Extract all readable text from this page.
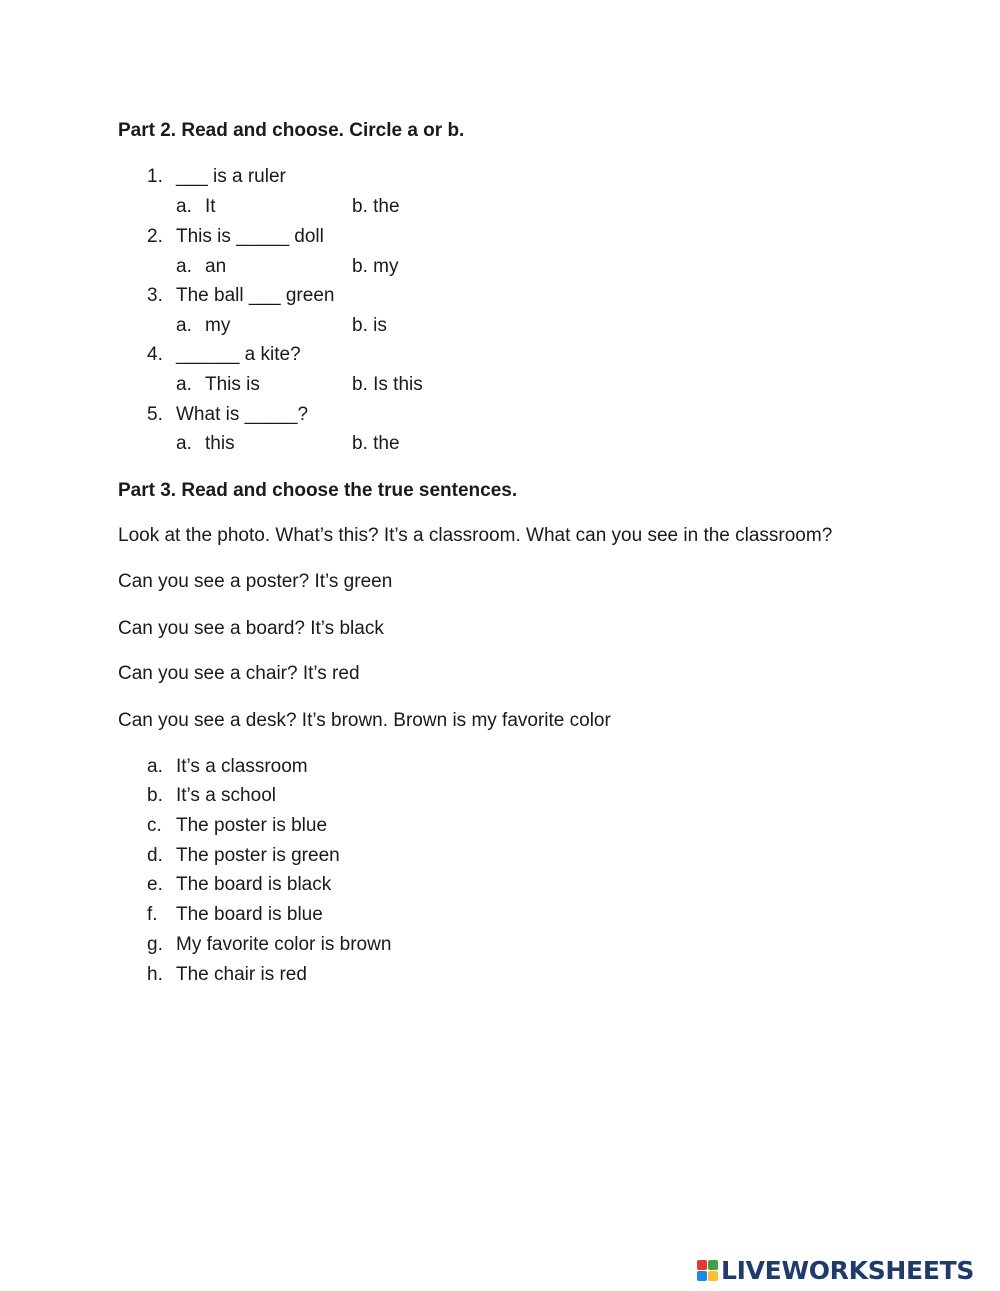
Part 2. Read and choose. Circle a or b.
1. ___ is a ruler
a. It	b. the
2. This is _____ doll
a. an	b. my
3. The ball ___ green
a. my	b. is
4. ______ a kite?
a. This is	b. Is this
5. What is _____?
a. this	b. the
Part 3. Read and choose the true sentences.
Look at the photo. What’s this? It’s a classroom. What can you see in the classroom?
Can you see a poster? It’s green
Can you see a board? It’s black
Can you see a chair? It’s red
Can you see a desk? It’s brown. Brown is my favorite color
a. It’s a classroom
b. It’s a school
c. The poster is blue
d. The poster is green
e. The board is black
f. The board is blue
g. My favorite color is brown
h. The chair is red
LIVEWORKSHEETS
